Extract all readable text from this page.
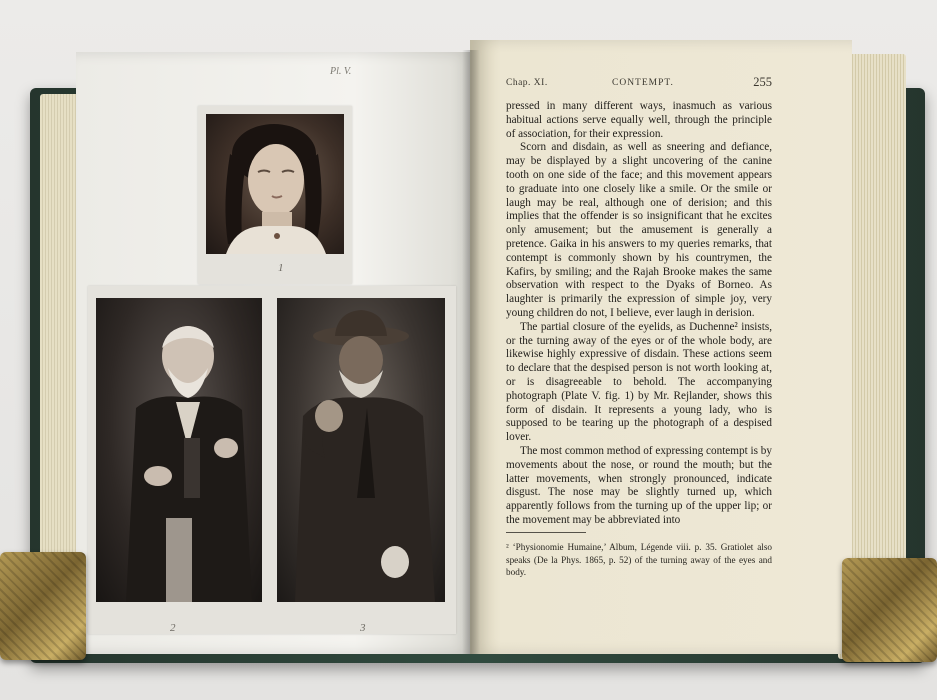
Pl. V.
1
2	3
Chap. XI.	CONTEMPT.	255

pressed in many different ways, inasmuch as various habitual actions serve equally well, through the principle of association, for their expression.

Scorn and disdain, as well as sneering and defiance, may be displayed by a slight uncovering of the canine tooth on one side of the face; and this movement appears to graduate into one closely like a smile. Or the smile or laugh may be real, although one of derision; and this implies that the offender is so insignificant that he excites only amusement; but the amusement is generally a pretence. Gaika in his answers to my queries remarks, that contempt is commonly shown by his countrymen, the Kafirs, by smiling; and the Rajah Brooke makes the same observation with respect to the Dyaks of Borneo. As laughter is primarily the expression of simple joy, very young children do not, I believe, ever laugh in derision.

The partial closure of the eyelids, as Duchenne² insists, or the turning away of the eyes or of the whole body, are likewise highly expressive of disdain. These actions seem to declare that the despised person is not worth looking at, or is disagreeable to behold. The accompanying photograph (Plate V. fig. 1) by Mr. Rejlander, shows this form of disdain. It represents a young lady, who is supposed to be tearing up the photograph of a despised lover.

The most common method of expressing contempt is by movements about the nose, or round the mouth; but the latter movements, when strongly pronounced, indicate disgust. The nose may be slightly turned up, which apparently follows from the turning up of the upper lip; or the movement may be abbreviated into

² ‘Physionomie Humaine,’ Album, Légende viii. p. 35. Gratiolet also speaks (De la Phys. 1865, p. 52) of the turning away of the eyes and body.
